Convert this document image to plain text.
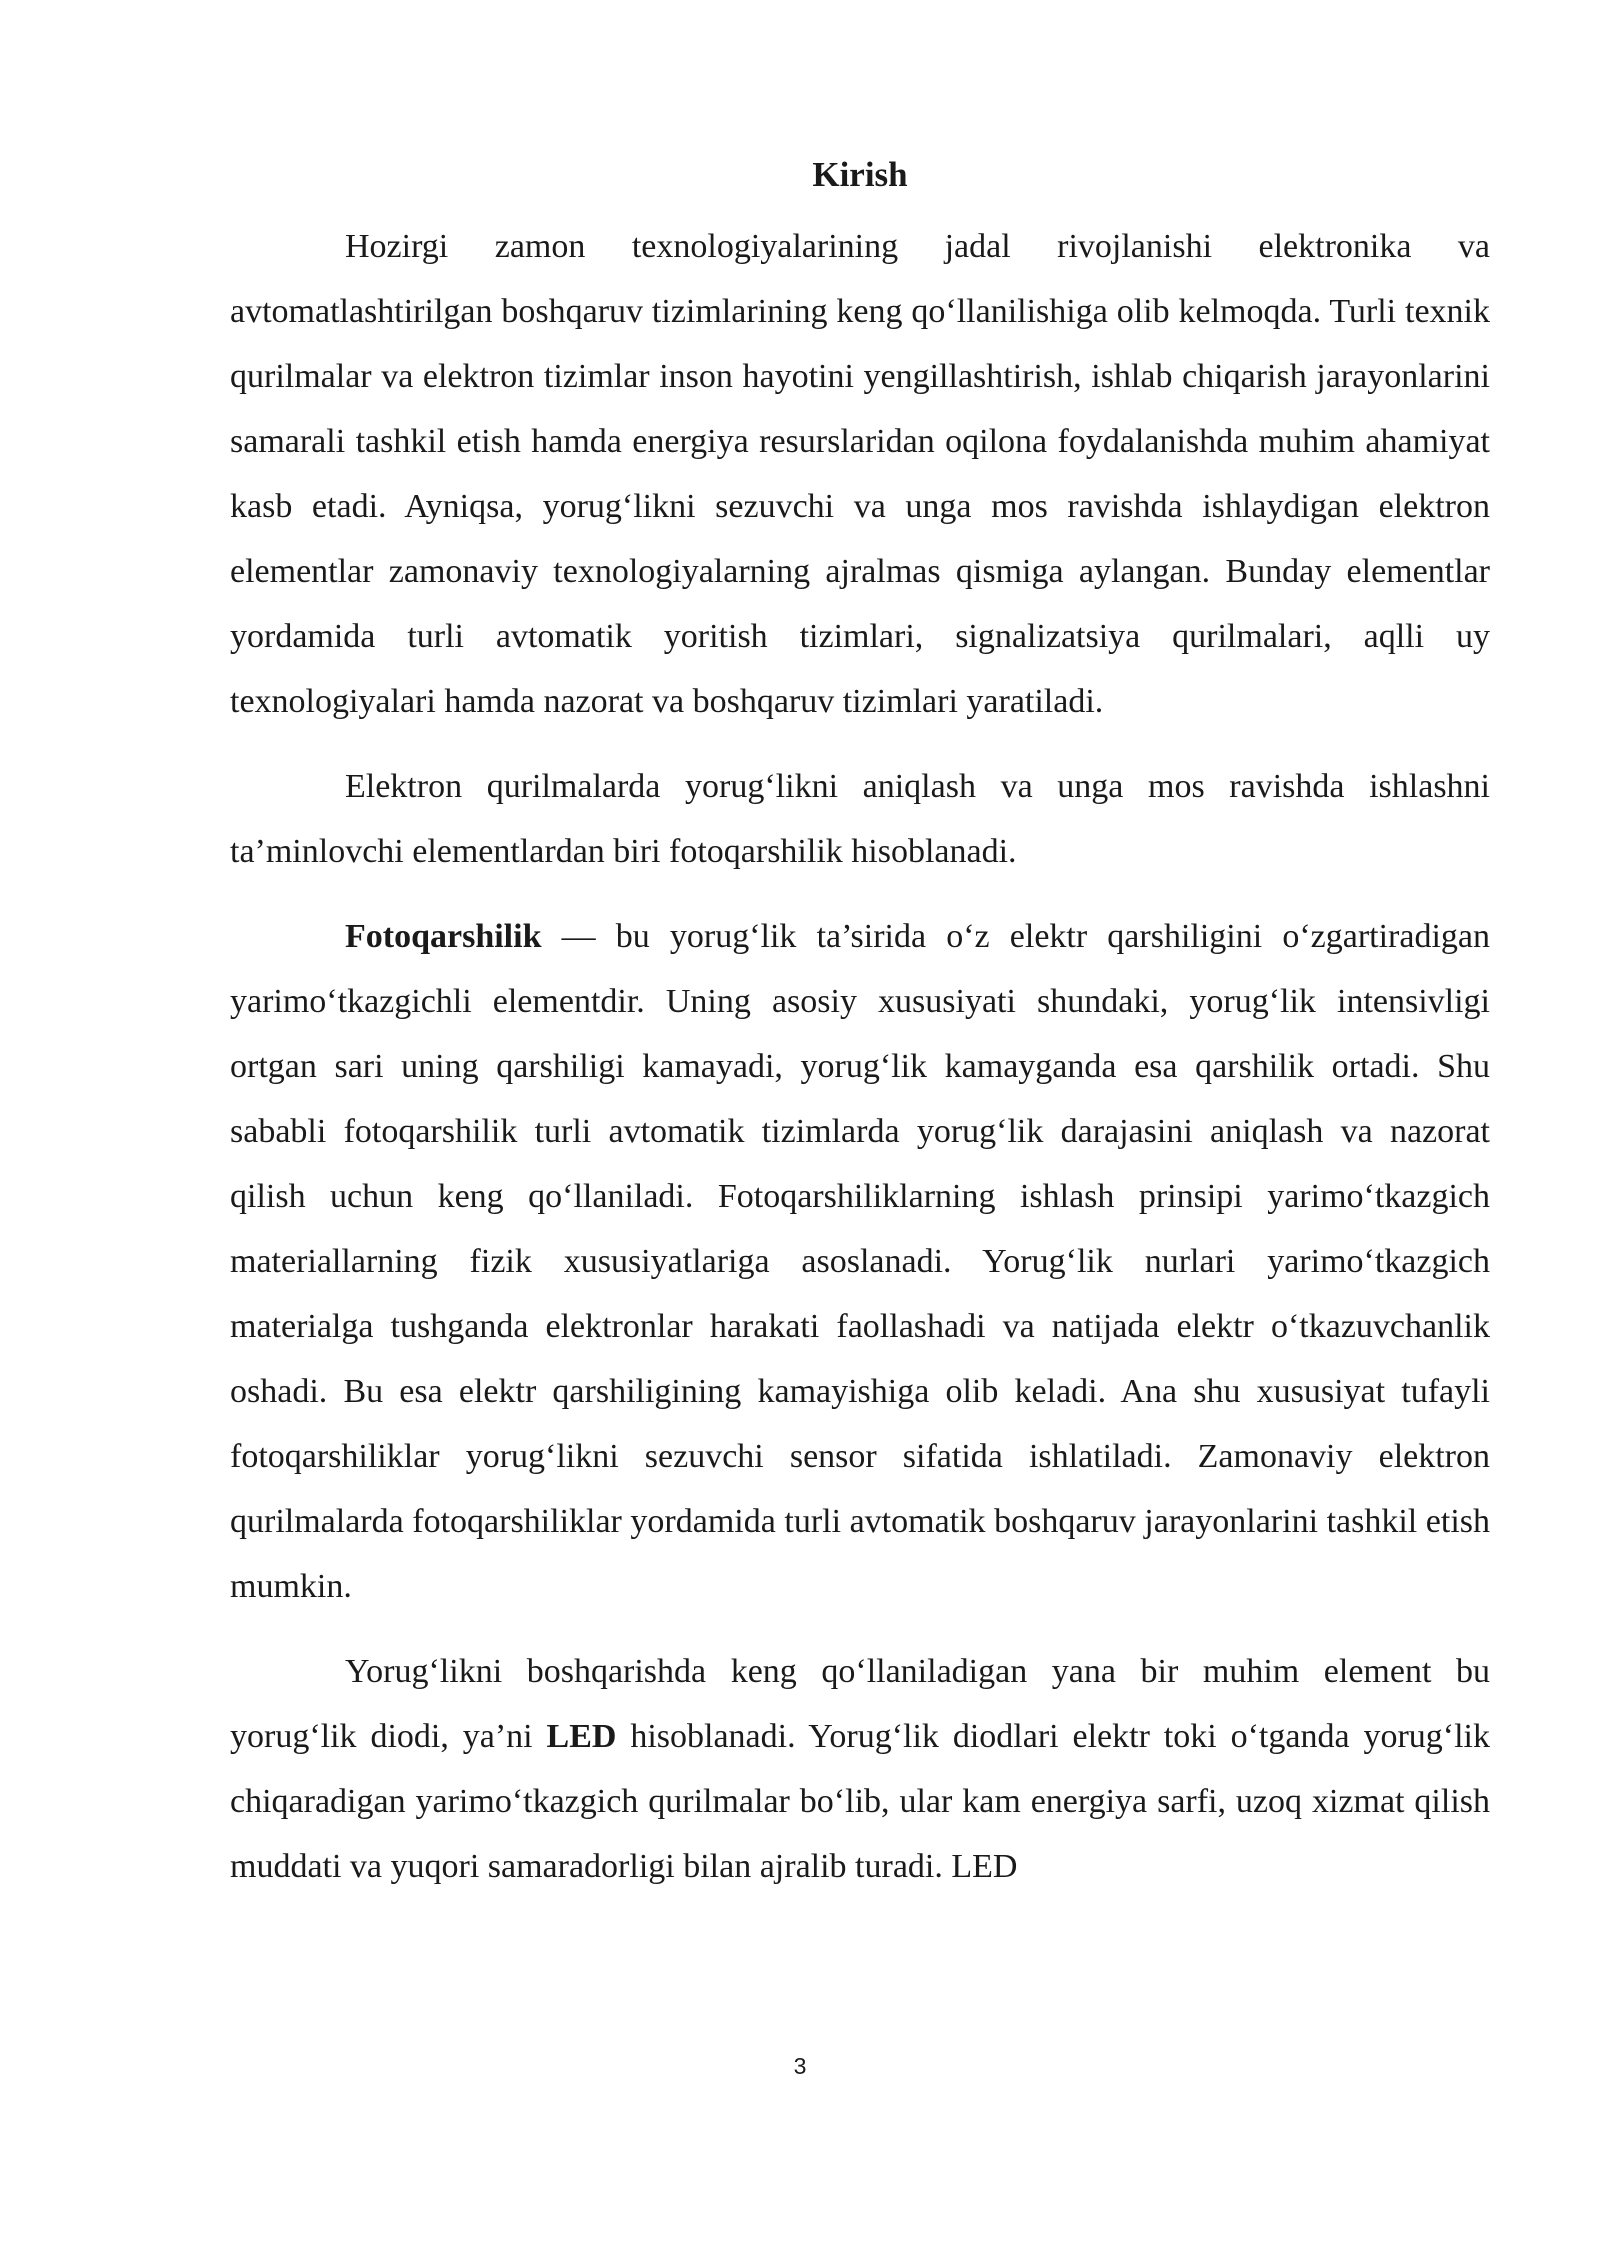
Kirish

Hozirgi zamon texnologiyalarining jadal rivojlanishi elektronika va avtomatlashtirilgan boshqaruv tizimlarining keng qo‘llanilishiga olib kelmoqda. Turli texnik qurilmalar va elektron tizimlar inson hayotini yengillashtirish, ishlab chiqarish jarayonlarini samarali tashkil etish hamda energiya resurslaridan oqilona foydalanishda muhim ahamiyat kasb etadi. Ayniqsa, yorug‘likni sezuvchi va unga mos ravishda ishlaydigan elektron elementlar zamonaviy texnologiyalarning ajralmas qismiga aylangan. Bunday elementlar yordamida turli avtomatik yoritish tizimlari, signalizatsiya qurilmalari, aqlli uy texnologiyalari hamda nazorat va boshqaruv tizimlari yaratiladi.

Elektron qurilmalarda yorug‘likni aniqlash va unga mos ravishda ishlashni ta’minlovchi elementlardan biri fotoqarshilik hisoblanadi.

Fotoqarshilik — bu yorug‘lik ta’sirida o‘z elektr qarshiligini o‘zgartiradigan yarimo‘tkazgichli elementdir. Uning asosiy xususiyati shundaki, yorug‘lik intensivligi ortgan sari uning qarshiligi kamayadi, yorug‘lik kamayganda esa qarshilik ortadi. Shu sababli fotoqarshilik turli avtomatik tizimlarda yorug‘lik darajasini aniqlash va nazorat qilish uchun keng qo‘llaniladi. Fotoqarshiliklarning ishlash prinsipi yarimo‘tkazgich materiallarning fizik xususiyatlariga asoslanadi. Yorug‘lik nurlari yarimo‘tkazgich materialga tushganda elektronlar harakati faollashadi va natijada elektr o‘tkazuvchanlik oshadi. Bu esa elektr qarshiligining kamayishiga olib keladi. Ana shu xususiyat tufayli fotoqarshiliklar yorug‘likni sezuvchi sensor sifatida ishlatiladi. Zamonaviy elektron qurilmalarda fotoqarshiliklar yordamida turli avtomatik boshqaruv jarayonlarini tashkil etish mumkin.

Yorug‘likni boshqarishda keng qo‘llaniladigan yana bir muhim element bu yorug‘lik diodi, ya’ni LED hisoblanadi. Yorug‘lik diodlari elektr toki o‘tganda yorug‘lik chiqaradigan yarimo‘tkazgich qurilmalar bo‘lib, ular kam energiya sarfi, uzoq xizmat qilish muddati va yuqori samaradorligi bilan ajralib turadi. LED

3
